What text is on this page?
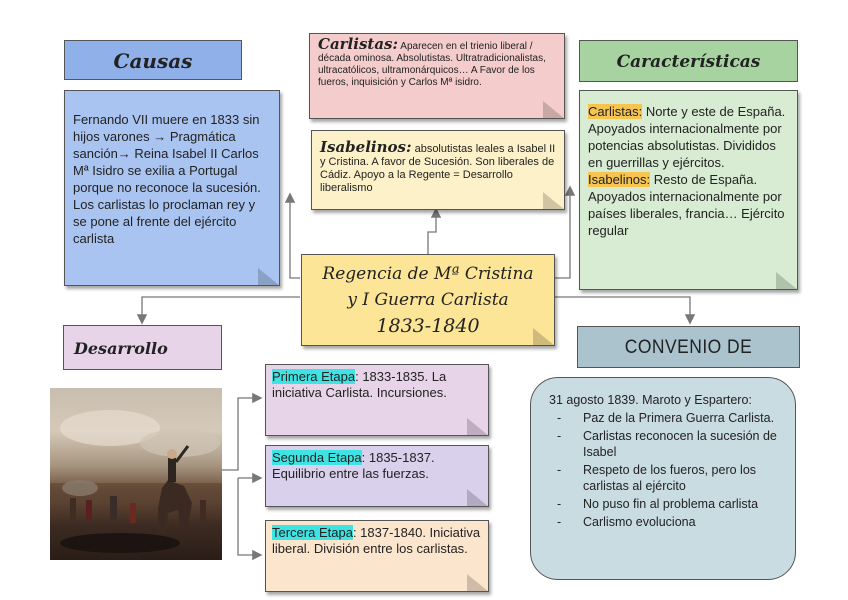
Causas
Fernando VII muere en 1833 sin hijos varones → Pragmática sanción→ Reina Isabel II Carlos Mª Isidro se exilia a Portugal porque no reconoce la sucesión. Los carlistas lo proclaman rey y se pone al frente del ejército carlista
Carlistas: Aparecen en el trienio liberal / década ominosa. Absolutistas. Ultratradicionalistas, ultracatólicos, ultramonárquicos… A Favor de los fueros, inquisición y Carlos Mª isidro.
Isabelinos: absolutistas leales a Isabel II y Cristina. A favor de Sucesión. Son liberales de Cádiz. Apoyo a la Regente = Desarrollo liberalismo
Características
Carlistas: Norte y este de España. Apoyados internacionalmente por potencias absolutistas. Divididos en guerrillas y ejércitos.
Isabelinos: Resto de España. Apoyados internacionalmente por países liberales, francia… Ejército regular
Regencia de Mª Cristina
y I Guerra Carlista
1833-1840
Desarrollo
Primera Etapa: 1833-1835. La iniciativa Carlista. Incursiones.
Segunda Etapa: 1835-1837. Equilibrio entre las fuerzas.
Tercera Etapa: 1837-1840. Iniciativa liberal. División entre los carlistas.
CONVENIO DE
31 agosto 1839. Maroto y Espartero:
- Paz de la Primera Guerra Carlista.
- Carlistas reconocen la sucesión de Isabel
- Respeto de los fueros, pero los carlistas al ejército
- No puso fin al problema carlista
- Carlismo evoluciona
